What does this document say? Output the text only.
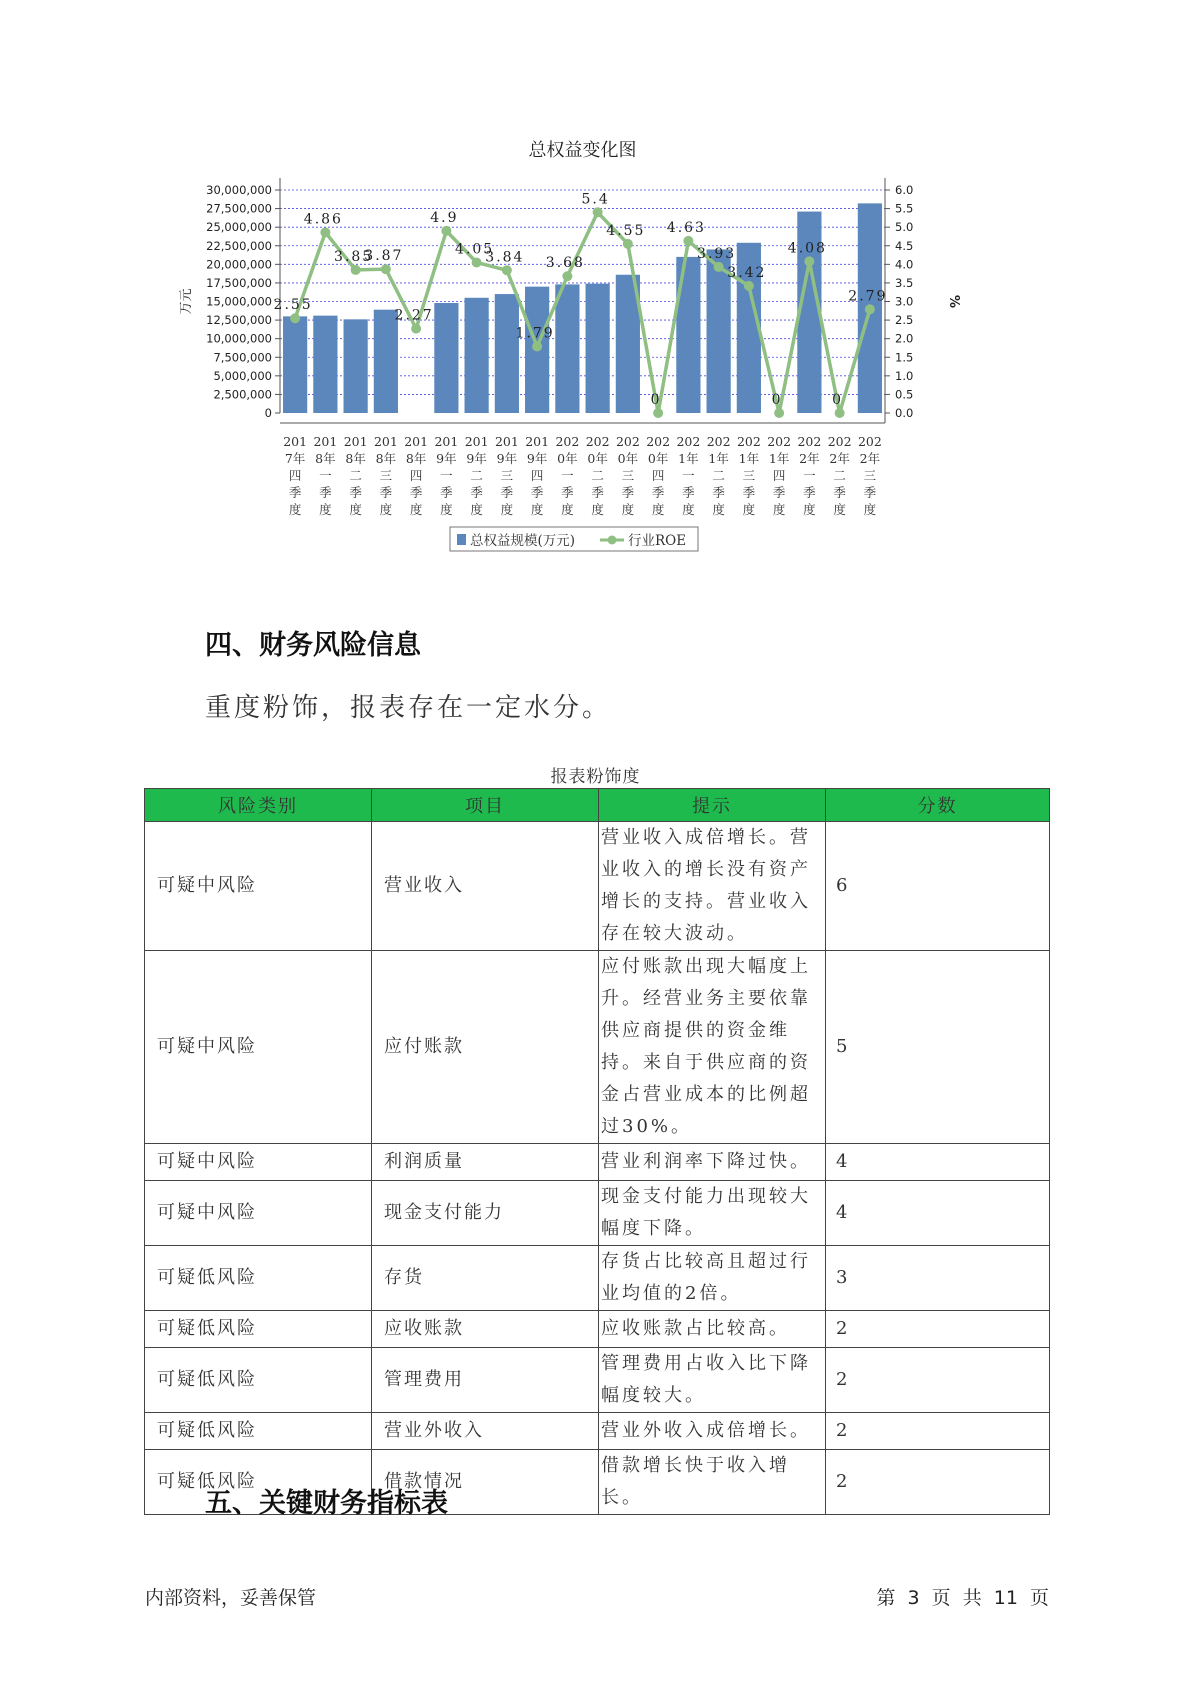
总权益变化图
0
2,500,000
5,000,000
7,500,000
10,000,000
12,500,000
15,000,000
17,500,000
20,000,000
22,500,000
25,000,000
27,500,000
30,000,000
0.0
0.5
1.0
1.5
2.0
2.5
3.0
3.5
4.0
4.5
5.0
5.5
6.0
万元	%
2.55
4.86
3.85
3.87
2.27
4.9
4.05
3.84
1.79
3.68
5.4
4.55
0
4.63
3.93
3.42
0
4.08
0
2.79
201
7年
四
季
度
201
8年
一
季
度
201
8年
二
季
度
201
8年
三
季
度
201
8年
四
季
度
201
9年
一
季
度
201
9年
二
季
度
201
9年
三
季
度
201
9年
四
季
度
202
0年
一
季
度
202
0年
二
季
度
202
0年
三
季
度
202
0年
四
季
度
202
1年
一
季
度
202
1年
二
季
度
202
1年
三
季
度
202
1年
四
季
度
202
2年
一
季
度
202
2年
二
季
度
202
2年
三
季
度
总权益规模(万元)	行业ROE
四、财务风险信息

重度粉饰，报表存在一定水分。

报表粉饰度
风险类别	项目	提示	分数
可疑中风险	营业收入	营业收入成倍增长。营业收入的增长没有资产增长的支持。营业收入存在较大波动。	6
可疑中风险	应付账款	应付账款出现大幅度上升。经营业务主要依靠供应商提供的资金维持。来自于供应商的资金占营业成本的比例超过30%。	5
可疑中风险	利润质量	营业利润率下降过快。	4
可疑中风险	现金支付能力	现金支付能力出现较大幅度下降。	4
可疑低风险	存货	存货占比较高且超过行业均值的2倍。	3
可疑低风险	应收账款	应收账款占比较高。	2
可疑低风险	管理费用	管理费用占收入比下降幅度较大。	2
可疑低风险	营业外收入	营业外收入成倍增长。	2
可疑低风险	借款情况	借款增长快于收入增长。	2
五、关键财务指标表
内部资料，妥善保管	第 3 页 共 11 页
